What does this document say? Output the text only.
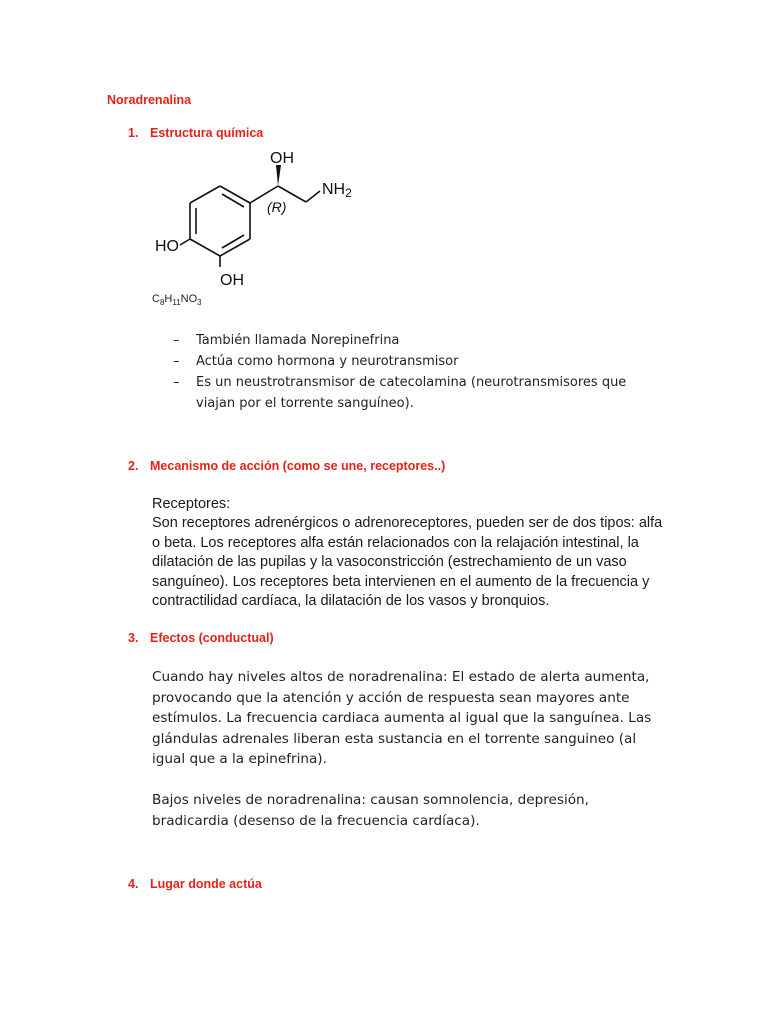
Noradrenalina
1. Estructura química
OH
NH2
(R)
HO
OH
$C_8H_{11}NO_3$
– También llamada Norepinefrina
– Actúa como hormona y neurotransmisor
– Es un neustrotransmisor de catecolamina (neurotransmisores que viajan por el torrente sanguíneo).
2. Mecanismo de acción (como se une, receptores..)
Receptores:
Son receptores adrenérgicos o adrenoreceptores, pueden ser de dos tipos: alfa o beta. Los receptores alfa están relacionados con la relajación intestinal, la dilatación de las pupilas y la vasoconstricción (estrechamiento de un vaso sanguíneo). Los receptores beta intervienen en el aumento de la frecuencia y contractilidad cardíaca, la dilatación de los vasos y bronquios.
3. Efectos (conductual)
Cuando hay niveles altos de noradrenalina: El estado de alerta aumenta, provocando que la atención y acción de respuesta sean mayores ante estímulos. La frecuencia cardiaca aumenta al igual que la sanguínea. Las glándulas adrenales liberan esta sustancia en el torrente sanguineo (al igual que a la epinefrina).
Bajos niveles de noradrenalina: causan somnolencia, depresión, bradicardia (desenso de la frecuencia cardíaca).
4. Lugar donde actúa
